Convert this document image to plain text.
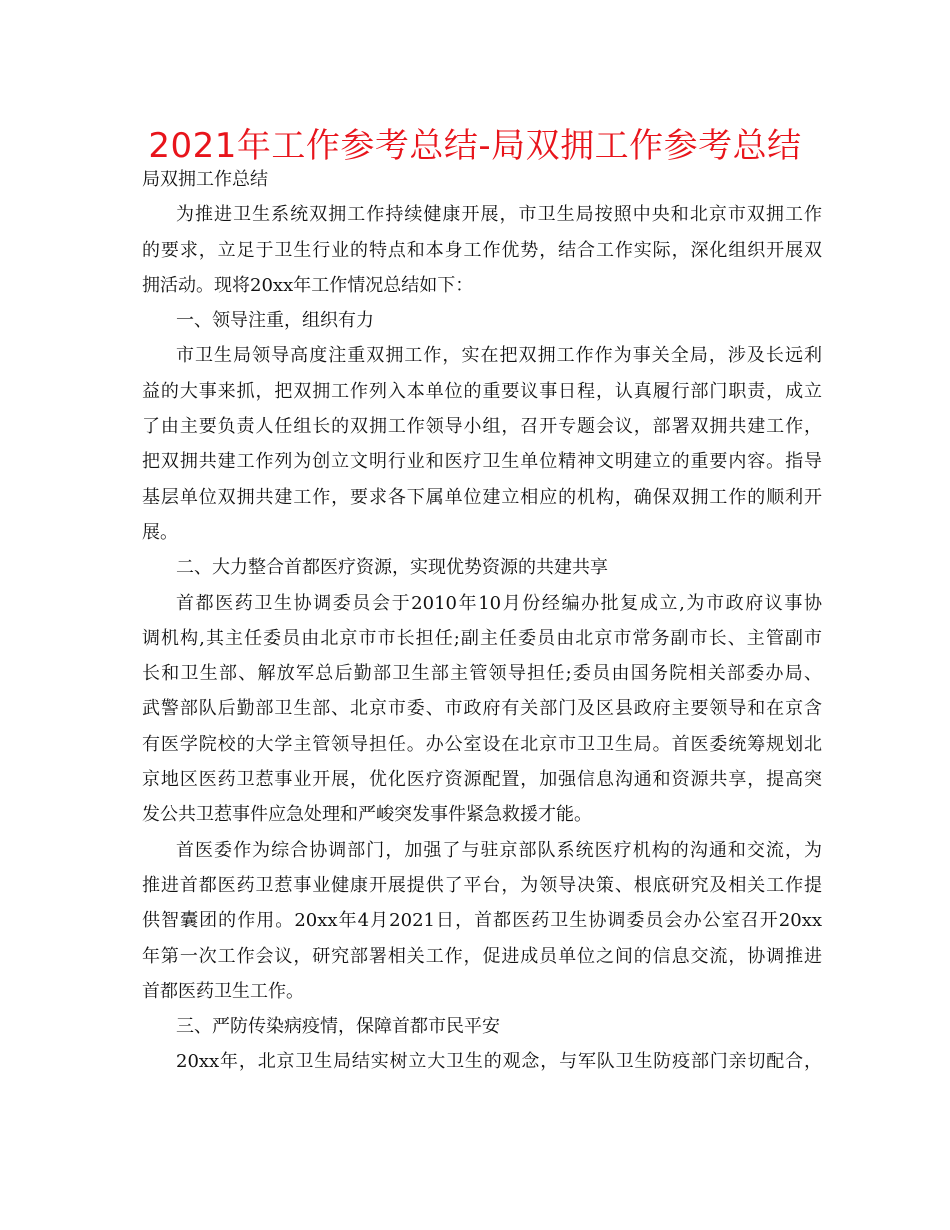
2021年工作参考总结-局双拥工作参考总结
局双拥工作总结
为推进卫生系统双拥工作持续健康开展，市卫生局按照中央和北京市双拥工作
的要求，立足于卫生行业的特点和本身工作优势，结合工作实际，深化组织开展双
拥活动。现将20xx年工作情况总结如下：
一、领导注重，组织有力
市卫生局领导高度注重双拥工作，实在把双拥工作作为事关全局，涉及长远利
益的大事来抓，把双拥工作列入本单位的重要议事日程，认真履行部门职责，成立
了由主要负责人任组长的双拥工作领导小组，召开专题会议，部署双拥共建工作，
把双拥共建工作列为创立文明行业和医疗卫生单位精神文明建立的重要内容。指导
基层单位双拥共建工作，要求各下属单位建立相应的机构，确保双拥工作的顺利开
展。
二、大力整合首都医疗资源，实现优势资源的共建共享
首都医药卫生协调委员会于2010年10月份经编办批复成立,为市政府议事协
调机构,其主任委员由北京市市长担任;副主任委员由北京市常务副市长、主管副市
长和卫生部、解放军总后勤部卫生部主管领导担任;委员由国务院相关部委办局、
武警部队后勤部卫生部、北京市委、市政府有关部门及区县政府主要领导和在京含
有医学院校的大学主管领导担任。办公室设在北京市卫卫生局。首医委统筹规划北
京地区医药卫惹事业开展，优化医疗资源配置，加强信息沟通和资源共享，提高突
发公共卫惹事件应急处理和严峻突发事件紧急救援才能。
首医委作为综合协调部门，加强了与驻京部队系统医疗机构的沟通和交流，为
推进首都医药卫惹事业健康开展提供了平台，为领导决策、根底研究及相关工作提
供智囊团的作用。20xx年4月2021日，首都医药卫生协调委员会办公室召开20xx
年第一次工作会议，研究部署相关工作，促进成员单位之间的信息交流，协调推进
首都医药卫生工作。
三、严防传染病疫情，保障首都市民平安
20xx年，北京卫生局结实树立大卫生的观念，与军队卫生防疫部门亲切配合，
